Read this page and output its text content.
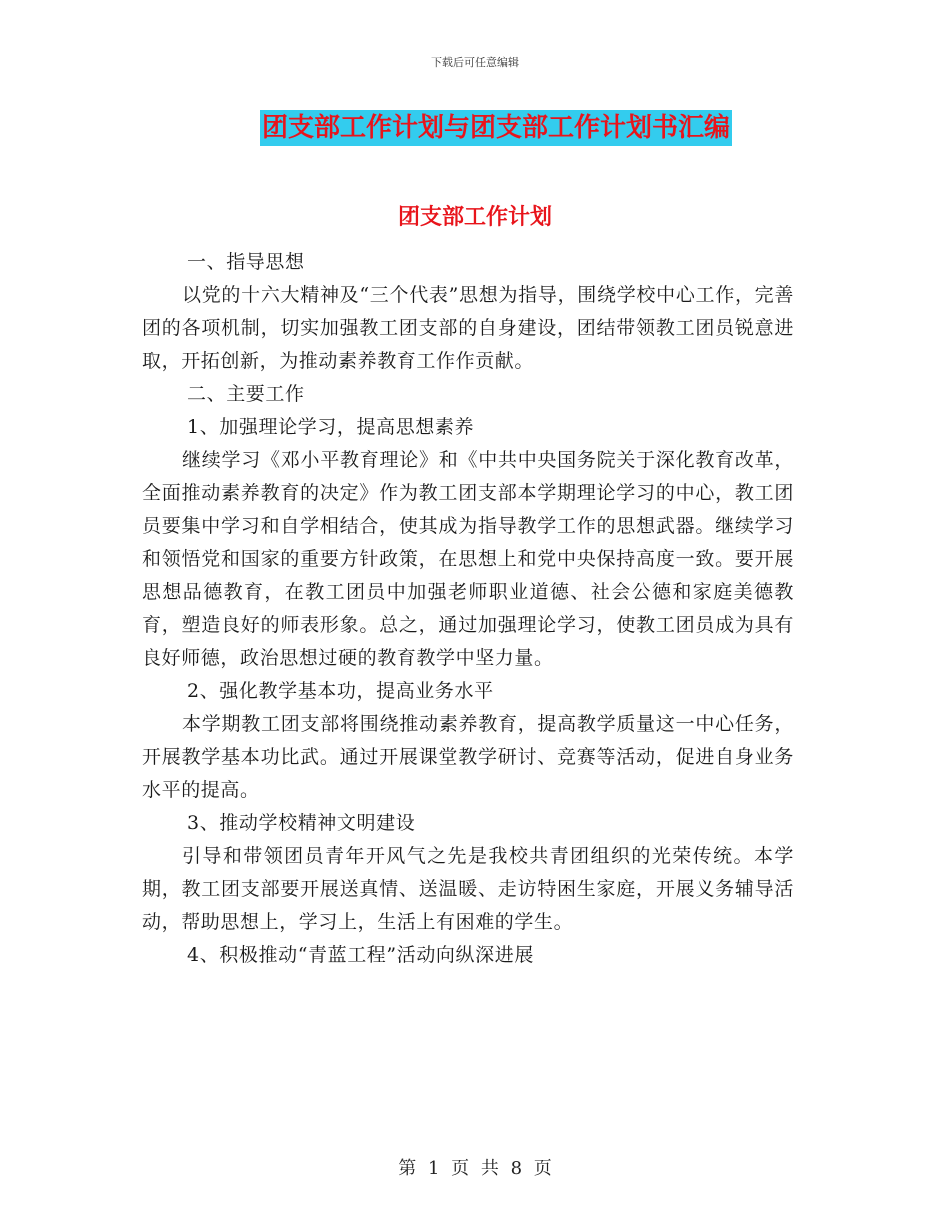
下载后可任意编辑
团支部工作计划与团支部工作计划书汇编
团支部工作计划

一、指导思想

以党的十六大精神及“三个代表”思想为指导，围绕学校中心工作，完善团的各项机制，切实加强教工团支部的自身建设，团结带领教工团员锐意进取，开拓创新，为推动素养教育工作作贡献。

二、主要工作

1、加强理论学习，提高思想素养

继续学习《邓小平教育理论》和《中共中央国务院关于深化教育改革，全面推动素养教育的决定》作为教工团支部本学期理论学习的中心，教工团员要集中学习和自学相结合，使其成为指导教学工作的思想武器。继续学习和领悟党和国家的重要方针政策，在思想上和党中央保持高度一致。要开展思想品德教育，在教工团员中加强老师职业道德、社会公德和家庭美德教育，塑造良好的师表形象。总之，通过加强理论学习，使教工团员成为具有良好师德，政治思想过硬的教育教学中坚力量。

2、强化教学基本功，提高业务水平

本学期教工团支部将围绕推动素养教育，提高教学质量这一中心任务，开展教学基本功比武。通过开展课堂教学研讨、竞赛等活动，促进自身业务水平的提高。

3、推动学校精神文明建设

引导和带领团员青年开风气之先是我校共青团组织的光荣传统。本学期，教工团支部要开展送真情、送温暖、走访特困生家庭，开展义务辅导活动，帮助思想上，学习上，生活上有困难的学生。

4、积极推动“青蓝工程”活动向纵深进展

第 1 页 共 8 页
